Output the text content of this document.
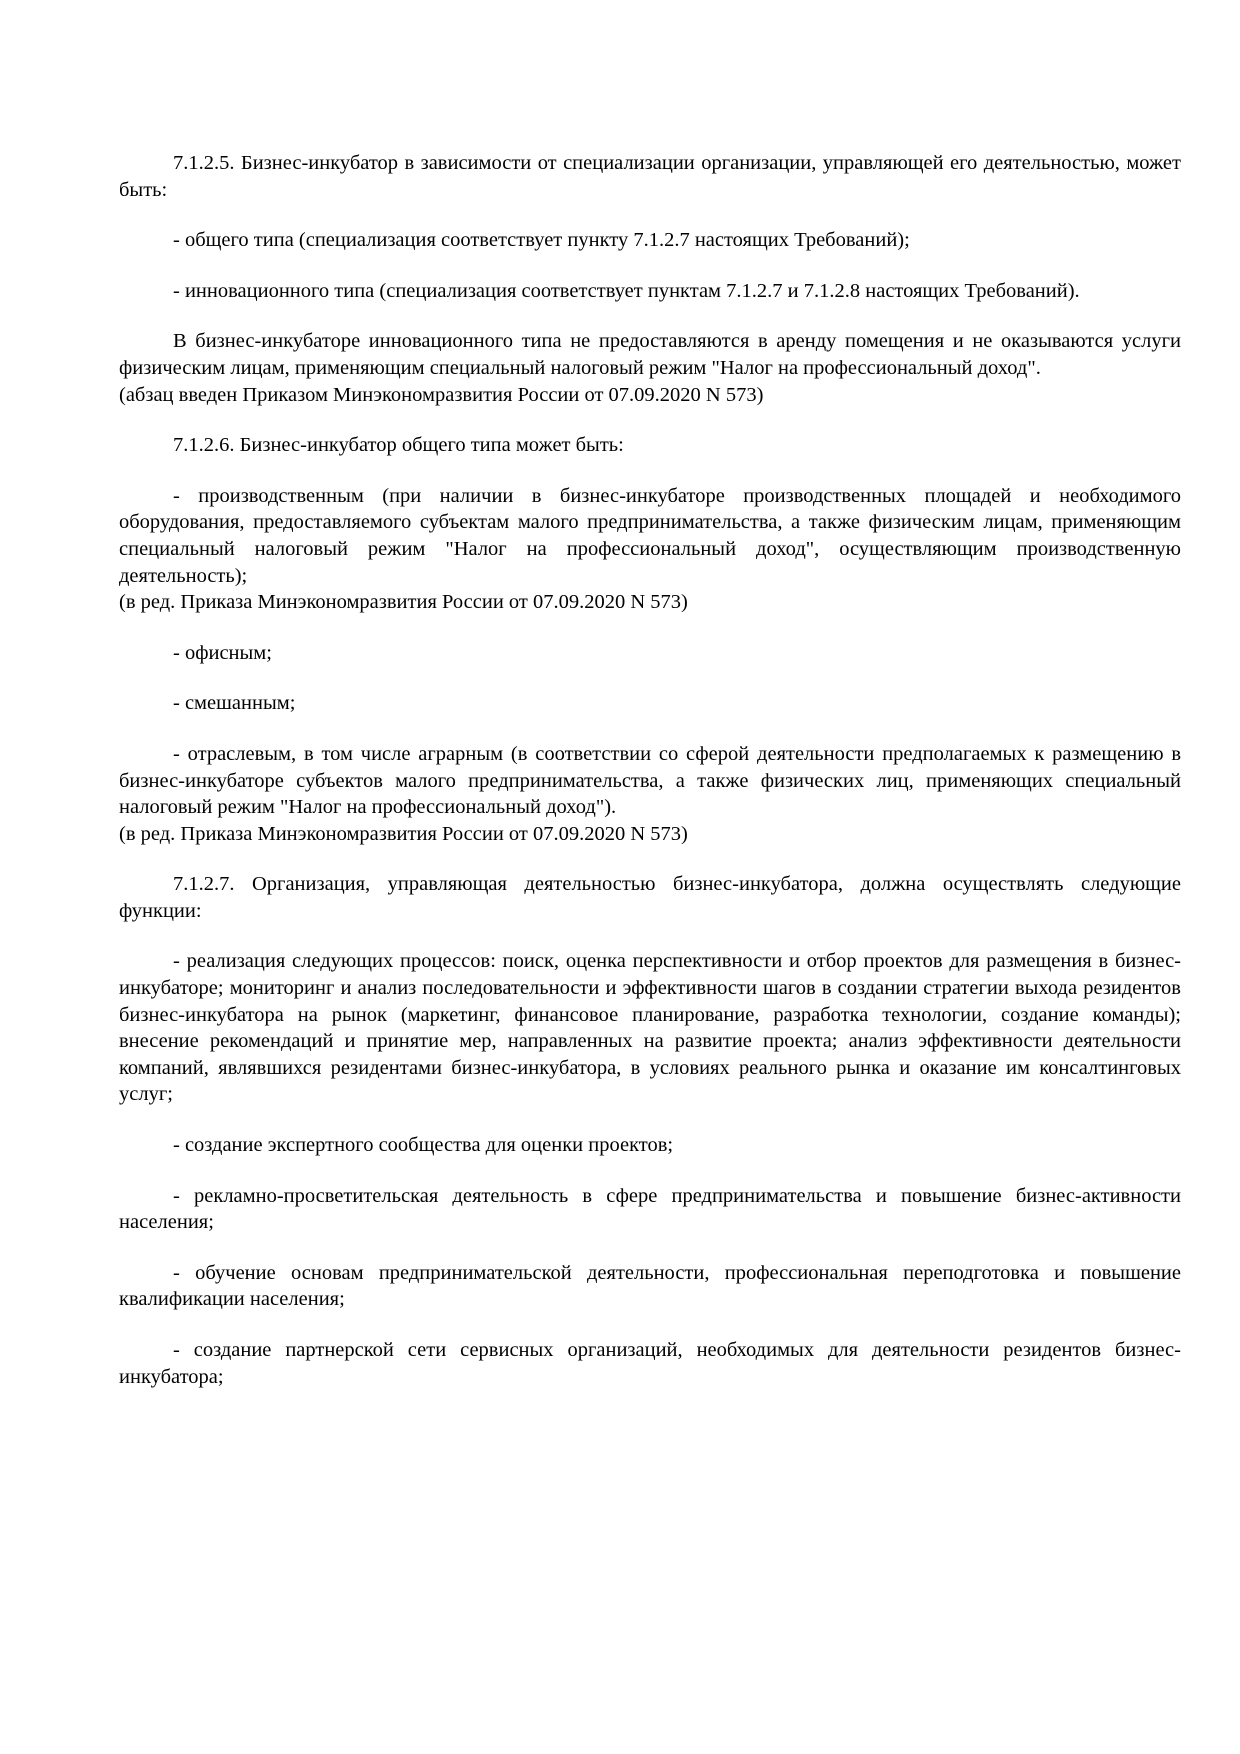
7.1.2.5. Бизнес-инкубатор в зависимости от специализации организации, управляющей его деятельностью, может быть:

- общего типа (специализация соответствует пункту 7.1.2.7 настоящих Требований);

- инновационного типа (специализация соответствует пунктам 7.1.2.7 и 7.1.2.8 настоящих Требований).

В бизнес-инкубаторе инновационного типа не предоставляются в аренду помещения и не оказываются услуги физическим лицам, применяющим специальный налоговый режим "Налог на профессиональный доход".

(абзац введен Приказом Минэкономразвития России от 07.09.2020 N 573)

7.1.2.6. Бизнес-инкубатор общего типа может быть:

- производственным (при наличии в бизнес-инкубаторе производственных площадей и необходимого оборудования, предоставляемого субъектам малого предпринимательства, а также физическим лицам, применяющим специальный налоговый режим "Налог на профессиональный доход", осуществляющим производственную деятельность);

(в ред. Приказа Минэкономразвития России от 07.09.2020 N 573)

- офисным;

- смешанным;

- отраслевым, в том числе аграрным (в соответствии со сферой деятельности предполагаемых к размещению в бизнес-инкубаторе субъектов малого предпринимательства, а также физических лиц, применяющих специальный налоговый режим "Налог на профессиональный доход").

(в ред. Приказа Минэкономразвития России от 07.09.2020 N 573)

7.1.2.7. Организация, управляющая деятельностью бизнес-инкубатора, должна осуществлять следующие функции:

- реализация следующих процессов: поиск, оценка перспективности и отбор проектов для размещения в бизнес-инкубаторе; мониторинг и анализ последовательности и эффективности шагов в создании стратегии выхода резидентов бизнес-инкубатора на рынок (маркетинг, финансовое планирование, разработка технологии, создание команды); внесение рекомендаций и принятие мер, направленных на развитие проекта; анализ эффективности деятельности компаний, являвшихся резидентами бизнес-инкубатора, в условиях реального рынка и оказание им консалтинговых услуг;

- создание экспертного сообщества для оценки проектов;

- рекламно-просветительская деятельность в сфере предпринимательства и повышение бизнес-активности населения;

- обучение основам предпринимательской деятельности, профессиональная переподготовка и повышение квалификации населения;

- создание партнерской сети сервисных организаций, необходимых для деятельности резидентов бизнес-инкубатора;
